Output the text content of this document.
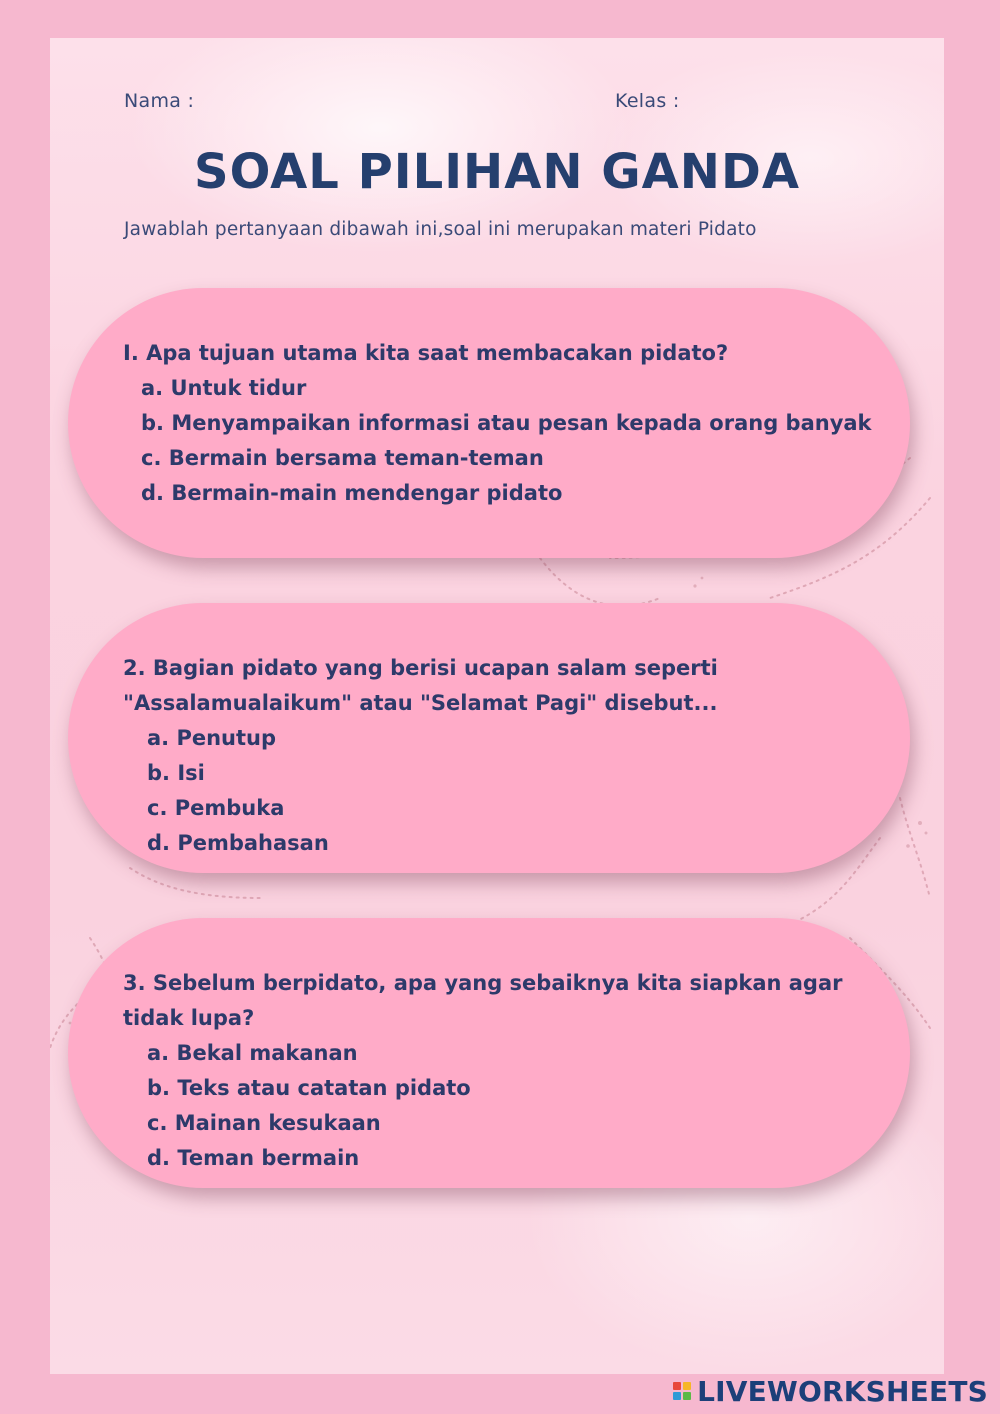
Nama :	Kelas :
SOAL PILIHAN GANDA
Jawablah pertanyaan dibawah ini,soal ini merupakan materi Pidato

I. Apa tujuan utama kita saat membacakan pidato?

a. Untuk tidur
b. Menyampaikan informasi atau pesan kepada orang banyak
c. Bermain bersama teman-teman
d. Bermain-main mendengar pidato

2. Bagian pidato yang berisi ucapan salam seperti "Assalamualaikum" atau "Selamat Pagi" disebut...

a. Penutup
b. Isi
c. Pembuka
d. Pembahasan

3. Sebelum berpidato, apa yang sebaiknya kita siapkan agar tidak lupa?

a. Bekal makanan
b. Teks atau catatan pidato
c. Mainan kesukaan
d. Teman bermain
LIVEWORKSHEETS
